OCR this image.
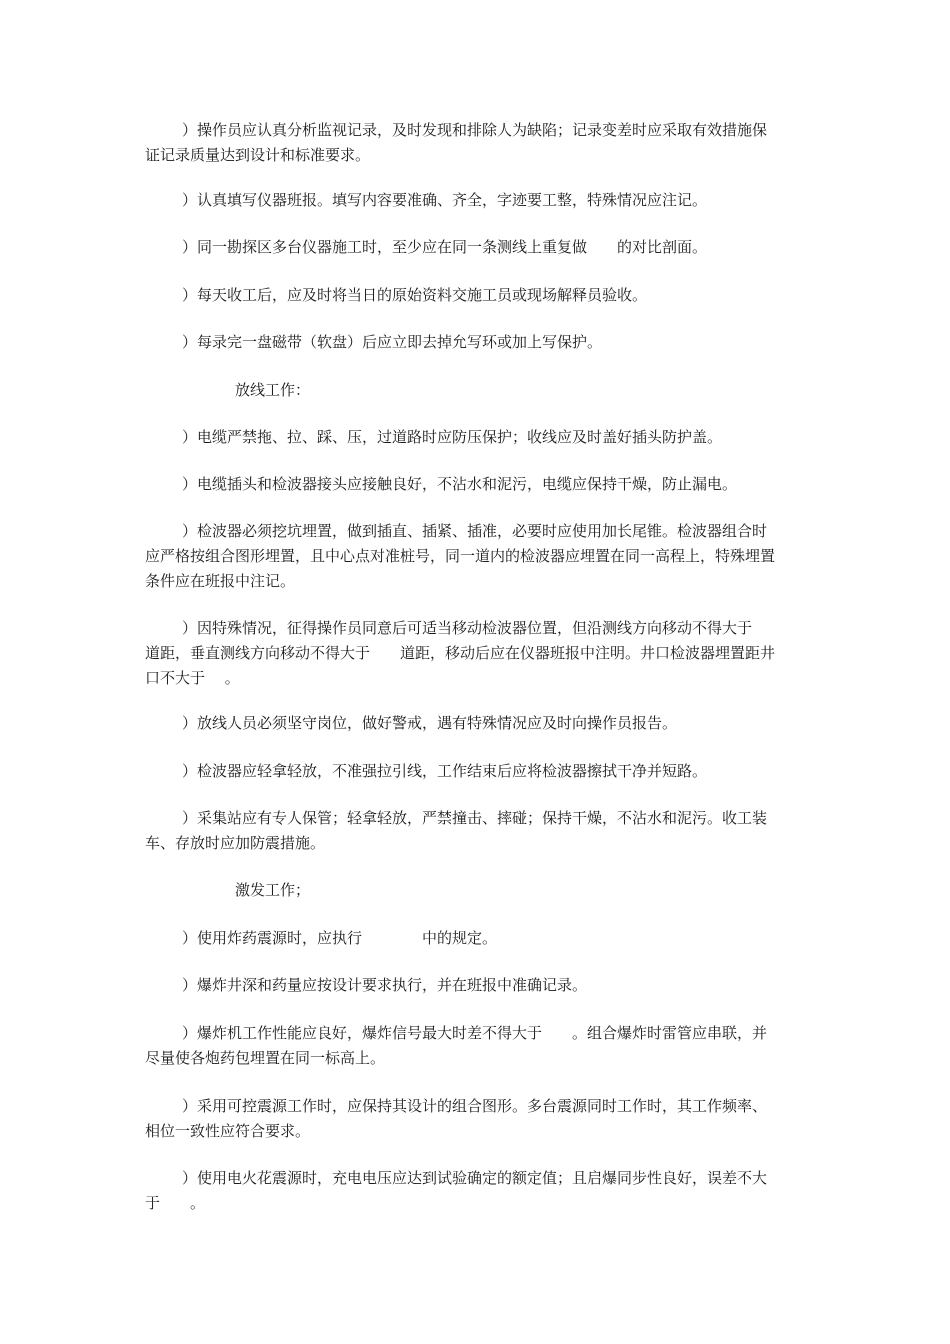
）操作员应认真分析监视记录，及时发现和排除人为缺陷；记录变差时应采取有效措施保
证记录质量达到设计和标准要求。

）认真填写仪器班报。填写内容要准确、齐全，字迹要工整，特殊情况应注记。

）同一勘探区多台仪器施工时，至少应在同一条测线上重复做　　的对比剖面。

）每天收工后，应及时将当日的原始资料交施工员或现场解释员验收。

）每录完一盘磁带（软盘）后应立即去掉允写环或加上写保护。

放线工作：

）电缆严禁拖、拉、踩、压，过道路时应防压保护；收线应及时盖好插头防护盖。

）电缆插头和检波器接头应接触良好，不沾水和泥污，电缆应保持干燥，防止漏电。

）检波器必须挖坑埋置，做到插直、插紧、插准，必要时应使用加长尾锥。检波器组合时
应严格按组合图形埋置，且中心点对准桩号，同一道内的检波器应埋置在同一高程上，特殊埋置
条件应在班报中注记。

）因特殊情况，征得操作员同意后可适当移动检波器位置，但沿测线方向移动不得大于
道距，垂直测线方向移动不得大于　　道距，移动后应在仪器班报中注明。井口检波器埋置距井
口不大于　 。

）放线人员必须坚守岗位，做好警戒，遇有特殊情况应及时向操作员报告。

）检波器应轻拿轻放，不准强拉引线，工作结束后应将检波器擦拭干净并短路。

）采集站应有专人保管；轻拿轻放，严禁撞击、摔碰；保持干燥，不沾水和泥污。收工装
车、存放时应加防震措施。

激发工作；

）使用炸药震源时，应执行　　　　中的规定。

）爆炸井深和药量应按设计要求执行，并在班报中准确记录。

）爆炸机工作性能应良好，爆炸信号最大时差不得大于　　。组合爆炸时雷管应串联，并
尽量使各炮药包埋置在同一标高上。

）采用可控震源工作时，应保持其设计的组合图形。多台震源同时工作时，其工作频率、
相位一致性应符合要求。

）使用电火花震源时，充电电压应达到试验确定的额定值；且启爆同步性良好，误差不大
于　　。
